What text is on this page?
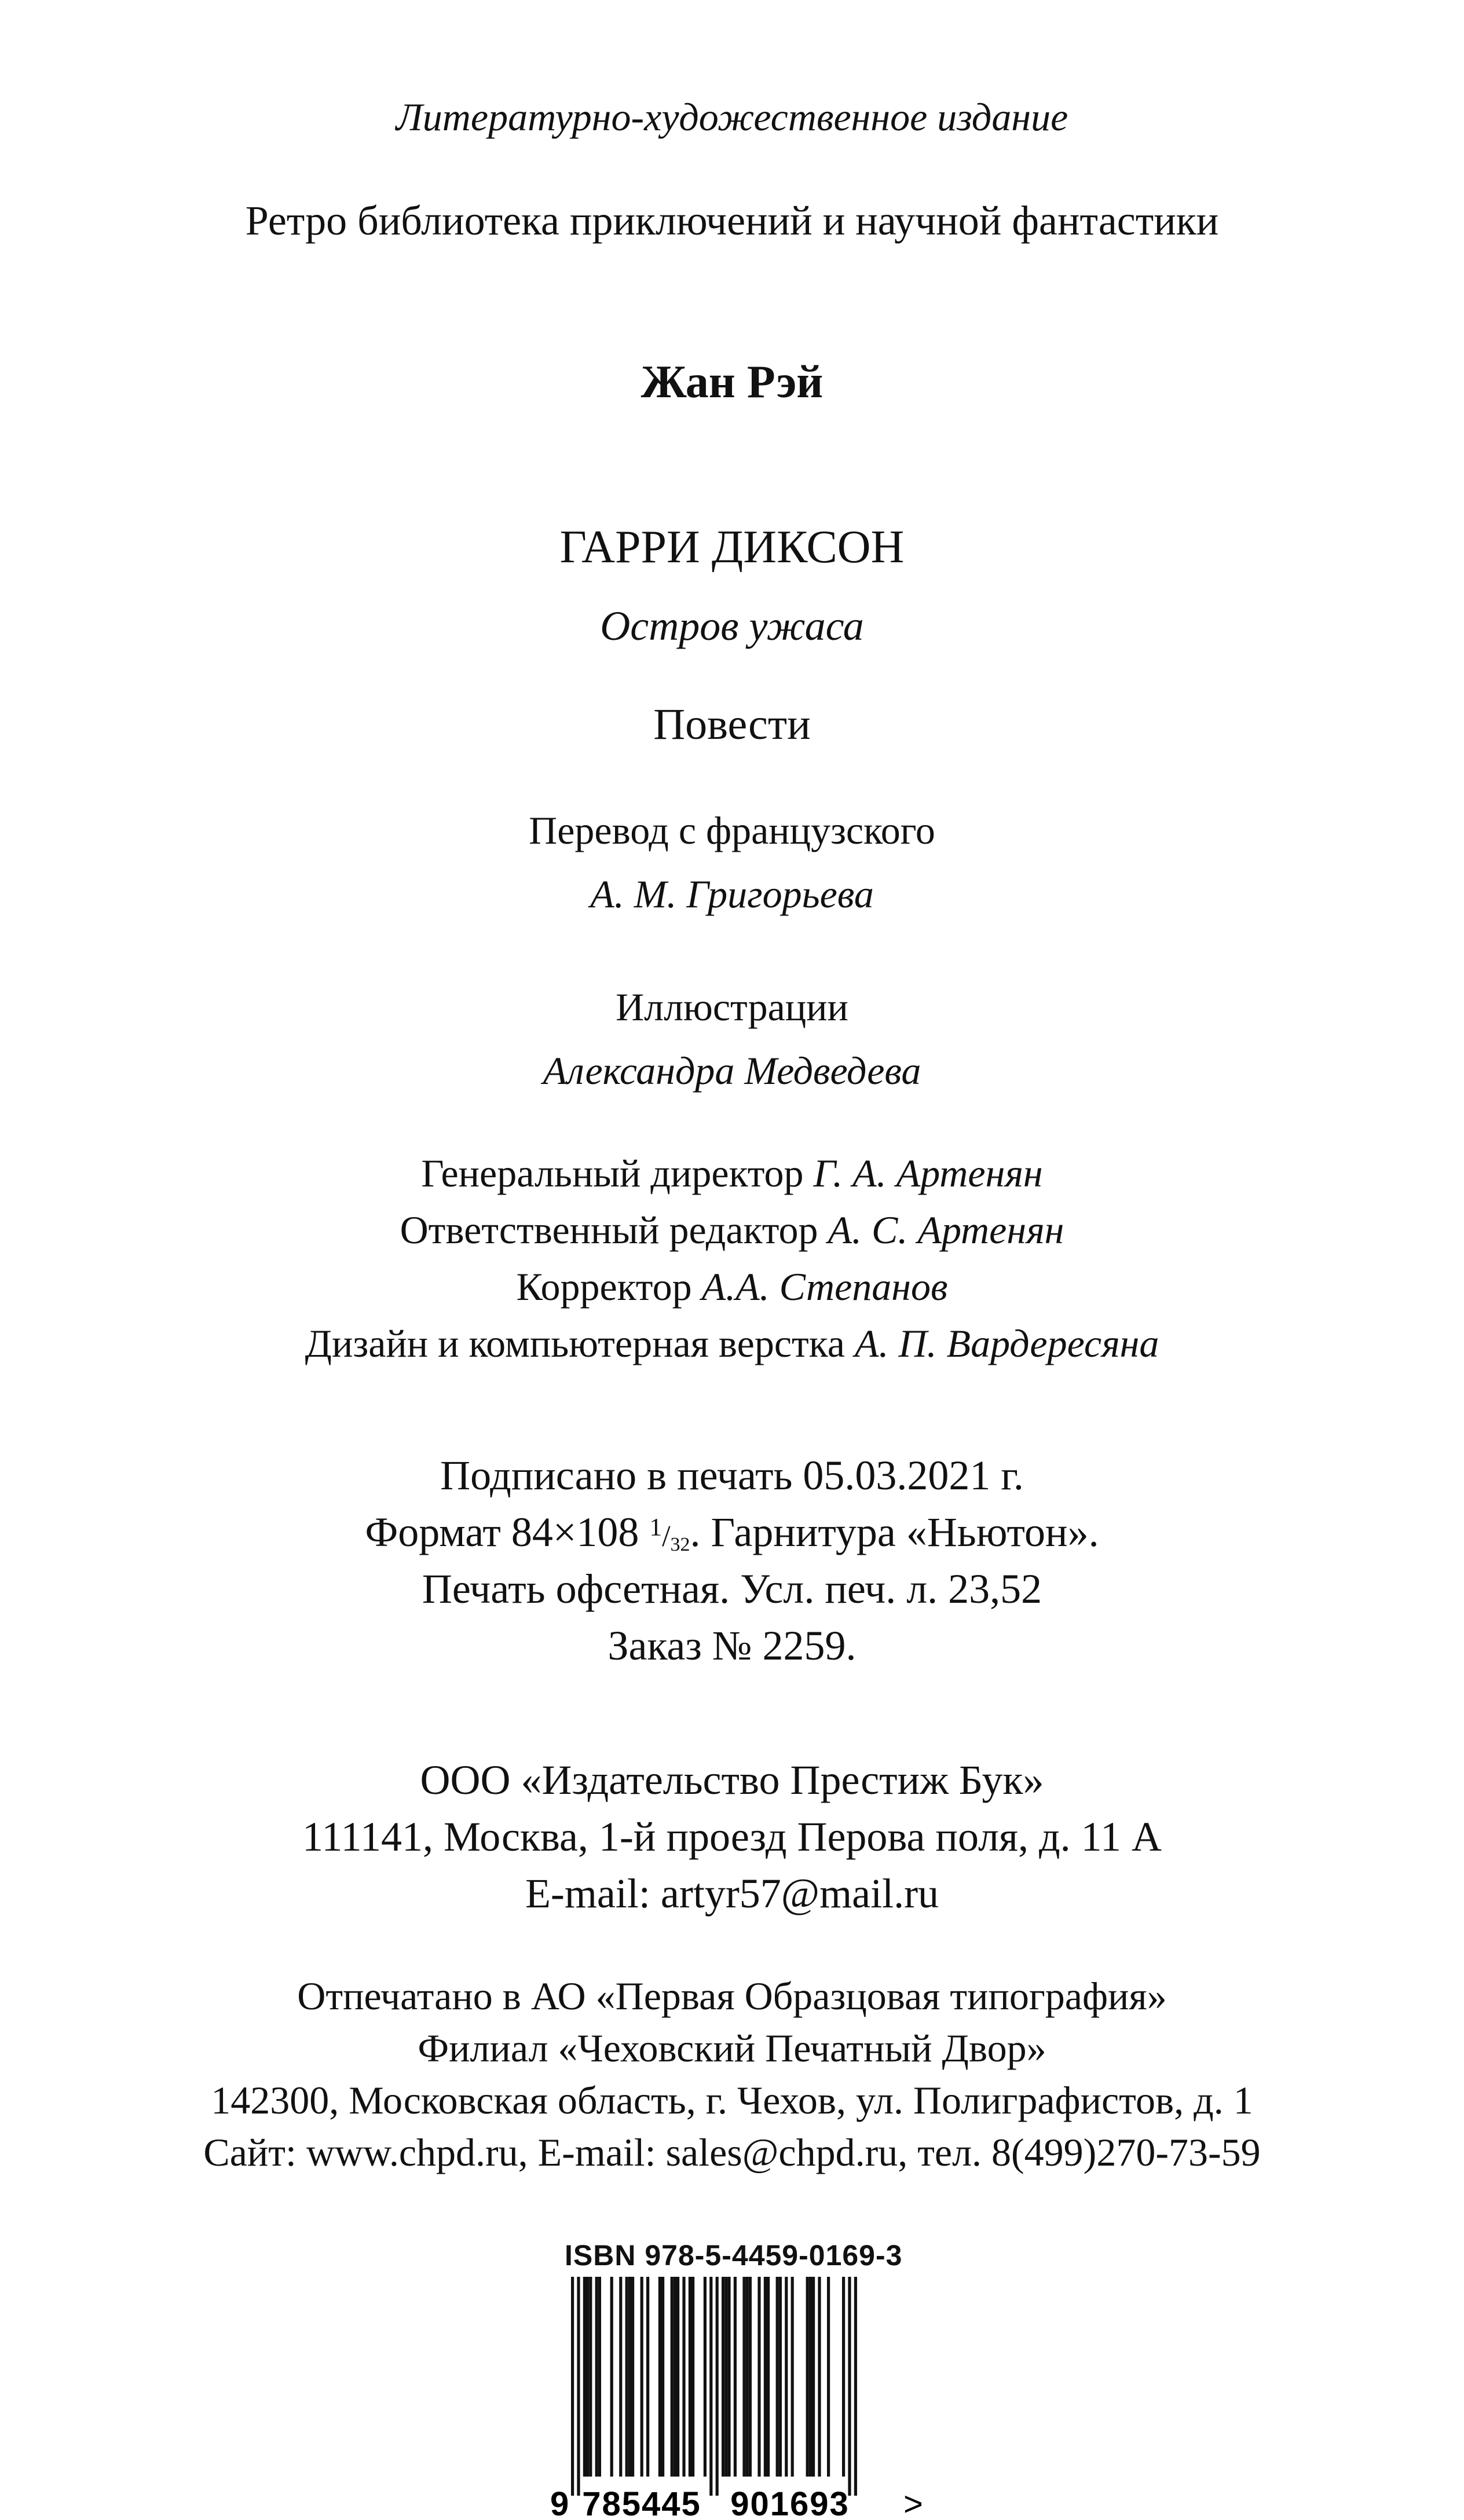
Литературно-художественное издание
Ретро библиотека приключений и научной фантастики
Жан Рэй
ГАРРИ ДИКСОН
Остров ужаса
Повести
Перевод с французского
А. М. Григорьева
Иллюстрации
Александра Медведева
Генеральный директор Г. А. Артенян
Ответственный редактор А. С. Артенян
Корректор А.А. Степанов
Дизайн и компьютерная верстка А. П. Вардересяна
Подписано в печать 05.03.2021 г.
Формат 84×108 $^1/_{32}$. Гарнитура «Ньютон».
Печать офсетная. Усл. печ. л. 23,52
Заказ № 2259.
ООО «Издательство Престиж Бук»
111141, Москва, 1-й проезд Перова поля, д. 11 А
E-mail: artyr57@mail.ru
Отпечатано в АО «Первая Образцовая типография»
Филиал «Чеховский Печатный Двор»
142300, Московская область, г. Чехов, ул. Полиграфистов, д. 1
Сайт: www.chpd.ru, E-mail: sales@chpd.ru, тел. 8(499)270-73-59
ISBN 978-5-4459-0169-3
9 785445 901693 >
